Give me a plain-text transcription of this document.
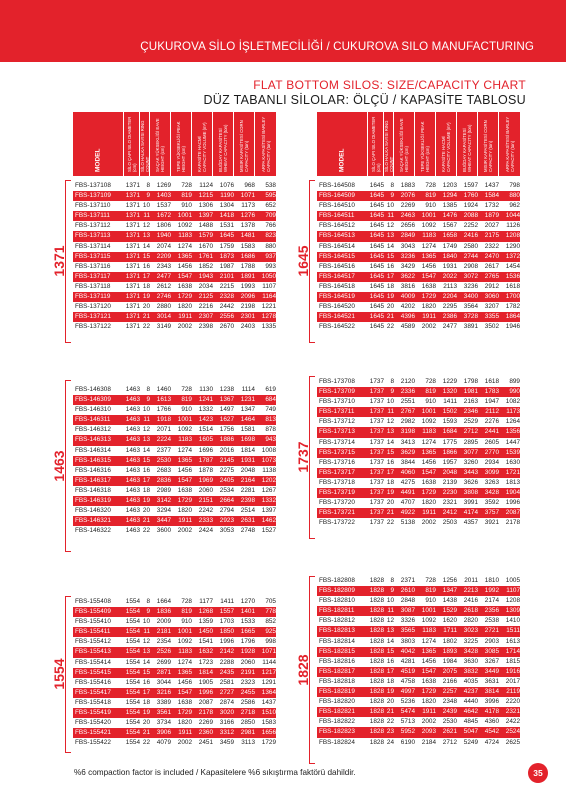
ÇUKUROVA SİLO İŞLETMECİLİĞİ / CUKUROVA SILO MANUFACTURING
FLAT BOTTOM SILOS: SIZE/CAPACITY CHART
DÜZ TABANLI SİLOLAR: ÖLÇÜ / KAPASİTE TABLOSU
MODEL	SİLO ÇAPI SILO DIAMETER (cm) SİLO HALKA SAYISI RING COUNT SAÇAK YÜKSEKLİĞİ EAVE HEIGHT (cm)	TEPE YÜKSEKLİĞİ PEAK HEIGHT (cm)	KAPASİTE HACMİ CAPACITY VOLUME (m³)	BUĞDAY KAPASİTESİ WHEAT CAPACITY (ton)	MISIR KAPASİTESİ CORN CAPACITY (ton)	ARPA KAPASİTESİ BARLEY CAPACITY (ton)	MODEL	SİLO ÇAPI SILO DIAMETER (cm) SİLO HALKA SAYISI RING COUNT SAÇAK YÜKSEKLİĞİ EAVE HEIGHT (cm)	TEPE YÜKSEKLİĞİ PEAK HEIGHT (cm)	KAPASİTE HACMİ CAPACITY VOLUME (m³)	BUĞDAY KAPASİTESİ WHEAT CAPACITY (ton)	MISIR KAPASİTESİ CORN CAPACITY (ton)	ARPA KAPASİTESİ BARLEY CAPACITY (ton)
1371
1463
1554
1645
1737
1828
FBS-137108	1371	8	1269	728	1124	1076	968	538
FBS-137109	1371	9	1403	819	1215	1190	1071	595
FBS-137110	1371 10	1537	910	1306	1304	1173	652
FBS-137111	1371 11	1672	1001	1397	1418	1276	709
FBS-137112	1371 12	1806	1092	1488	1531	1378	766
FBS-137113	1371 13	1940	1183	1579	1645	1481	823
FBS-137114	1371 14	2074	1274	1670	1759	1583	880
FBS-137115	1371 15	2209	1365	1761	1873	1686	937
FBS-137116	1371 16	2343	1456	1852	1987	1788	993
FBS-137117	1371 17	2477	1547	1943	2101	1891	1050
FBS-137118	1371 18	2612	1638	2034	2215	1993	1107
FBS-137119	1371 19	2746	1729	2125	2328	2096	1164
FBS-137120	1371 20	2880	1820	2216	2442	2198	1221
FBS-137121	1371 21	3014	1911	2307	2556	2301	1278
FBS-137122	1371 22	3149	2002	2398	2670	2403	1335
FBS-146308	1463	8	1460	728	1130	1238	1114	619
FBS-146309	1463	9	1613	819	1241	1367	1231	684
FBS-146310	1463 10	1766	910	1332	1497	1347	749
FBS-146311	1463 11	1918	1001	1423	1627	1464	813
FBS-146312	1463 12	2071	1092	1514	1756	1581	878
FBS-146313	1463 13	2224	1183	1605	1886	1698	943
FBS-146314	1463 14	2377	1274	1696	2016	1814	1008
FBS-146315	1463 15	2530	1365	1787	2145	1931	1073
FBS-146316	1463 16	2683	1456	1878	2275	2048	1138
FBS-146317	1463 17	2836	1547	1969	2405	2164	1202
FBS-146318	1463 18	2989	1638	2060	2534	2281	1267
FBS-146319	1463 19	3142	1729	2151	2664	2398	1332
FBS-146320	1463 20	3294	1820	2242	2794	2514	1397
FBS-146321	1463 21	3447	1911	2333	2923	2631	1462
FBS-146322	1463 22	3600	2002	2424	3053	2748	1527
FBS-155408	1554	8	1664	728	1177	1411	1270	705
FBS-155409	1554	9	1836	819	1268	1557	1401	778
FBS-155410	1554 10	2009	910	1359	1703	1533	852
FBS-155411	1554 11	2181	1001	1450	1850	1665	925
FBS-155412	1554 12	2354	1092	1541	1996	1796	998
FBS-155413	1554 13	2526	1183	1632	2142	1928	1071
FBS-155414	1554 14	2699	1274	1723	2288	2060	1144
FBS-155415	1554 15	2871	1365	1814	2435	2191	1217
FBS-155416	1554 16	3044	1456	1905	2581	2323	1291
FBS-155417	1554 17	3216	1547	1996	2727	2455	1364
FBS-155418	1554 18	3389	1638	2087	2874	2586	1437
FBS-155419	1554 19	3561	1729	2178	3020	2718	1510
FBS-155420	1554 20	3734	1820	2269	3166	2850	1583
FBS-155421	1554 21	3906	1911	2360	3312	2981	1656
FBS-155422	1554 22	4079	2002	2451	3459	3113	1729
FBS-164508	1645	8	1883	728	1203	1597	1437	798
FBS-164509	1645	9	2076	819	1294	1760	1584	880
FBS-164510	1645 10	2269	910	1385	1924	1732	962
FBS-164511	1645 11	2463	1001	1476	2088	1879	1044
FBS-164512	1645 12	2656	1092	1567	2252	2027	1126
FBS-164513	1645 13	2849	1183	1658	2416	2175	1208
FBS-164514	1645 14	3043	1274	1749	2580	2322	1290
FBS-164515	1645 15	3236	1365	1840	2744	2470	1372
FBS-164516	1645 16	3429	1456	1931	2908	2617	1454
FBS-164517	1645 17	3622	1547	2022	3072	2765	1536
FBS-164518	1645 18	3816	1638	2113	3236	2912	1618
FBS-164519	1645 19	4009	1729	2204	3400	3060	1700
FBS-164520	1645 20	4202	1820	2295	3564	3207	1782
FBS-164521	1645 21	4396	1911	2386	3728	3355	1864
FBS-164522	1645 22	4589	2002	2477	3891	3502	1946
FBS-173708	1737	8	2120	728	1229	1798	1618	899
FBS-173709	1737	9	2336	819	1320	1981	1783	990
FBS-173710	1737 10	2551	910	1411	2163	1947	1082
FBS-173711	1737 11	2767	1001	1502	2346	2112	1173
FBS-173712	1737 12	2982	1092	1593	2529	2276	1264
FBS-173713	1737 13	3198	1183	1684	2712	2441	1356
FBS-173714	1737 14	3413	1274	1775	2895	2605	1447
FBS-173715	1737 15	3629	1365	1866	3077	2770	1539
FBS-173716	1737 16	3844	1456	1957	3260	2934	1630
FBS-173717	1737 17	4060	1547	2048	3443	3099	1721
FBS-173718	1737 18	4275	1638	2139	3626	3263	1813
FBS-173719	1737 19	4491	1729	2230	3808	3428	1904
FBS-173720	1737 20	4707	1820	2321	3991	3592	1996
FBS-173721	1737 21	4922	1911	2412	4174	3757	2087
FBS-173722	1737 22	5138	2002	2503	4357	3921	2178
FBS-182808	1828	8	2371	728	1256	2011	1810	1005
FBS-182809	1828	9	2610	819	1347	2213	1992	1107
FBS-182810	1828 10	2848	910	1438	2416	2174	1208
FBS-182811	1828 11	3087	1001	1529	2618	2356	1309
FBS-182812	1828 12	3326	1092	1620	2820	2538	1410
FBS-182813	1828 13	3565	1183	1711	3023	2721	1511
FBS-182814	1828 14	3803	1274	1802	3225	2903	1613
FBS-182815	1828 15	4042	1365	1893	3428	3085	1714
FBS-182816	1828 16	4281	1456	1984	3630	3267	1815
FBS-182817	1828 17	4519	1547	2075	3832	3449	1916
FBS-182818	1828 18	4758	1638	2166	4035	3631	2017
FBS-182819	1828 19	4997	1729	2257	4237	3814	2119
FBS-182820	1828 20	5236	1820	2348	4440	3996	2220
FBS-182821	1828 21	5474	1911	2439	4642	4178	2321
FBS-182822	1828 22	5713	2002	2530	4845	4360	2422
FBS-182823	1828 23	5952	2093	2621	5047	4542	2524
FBS-182824	1828 24	6190	2184	2712	5249	4724	2625
%6 compaction factor is included / Kapasitelere %6 sıkıştırma faktörü dahildir.	35
